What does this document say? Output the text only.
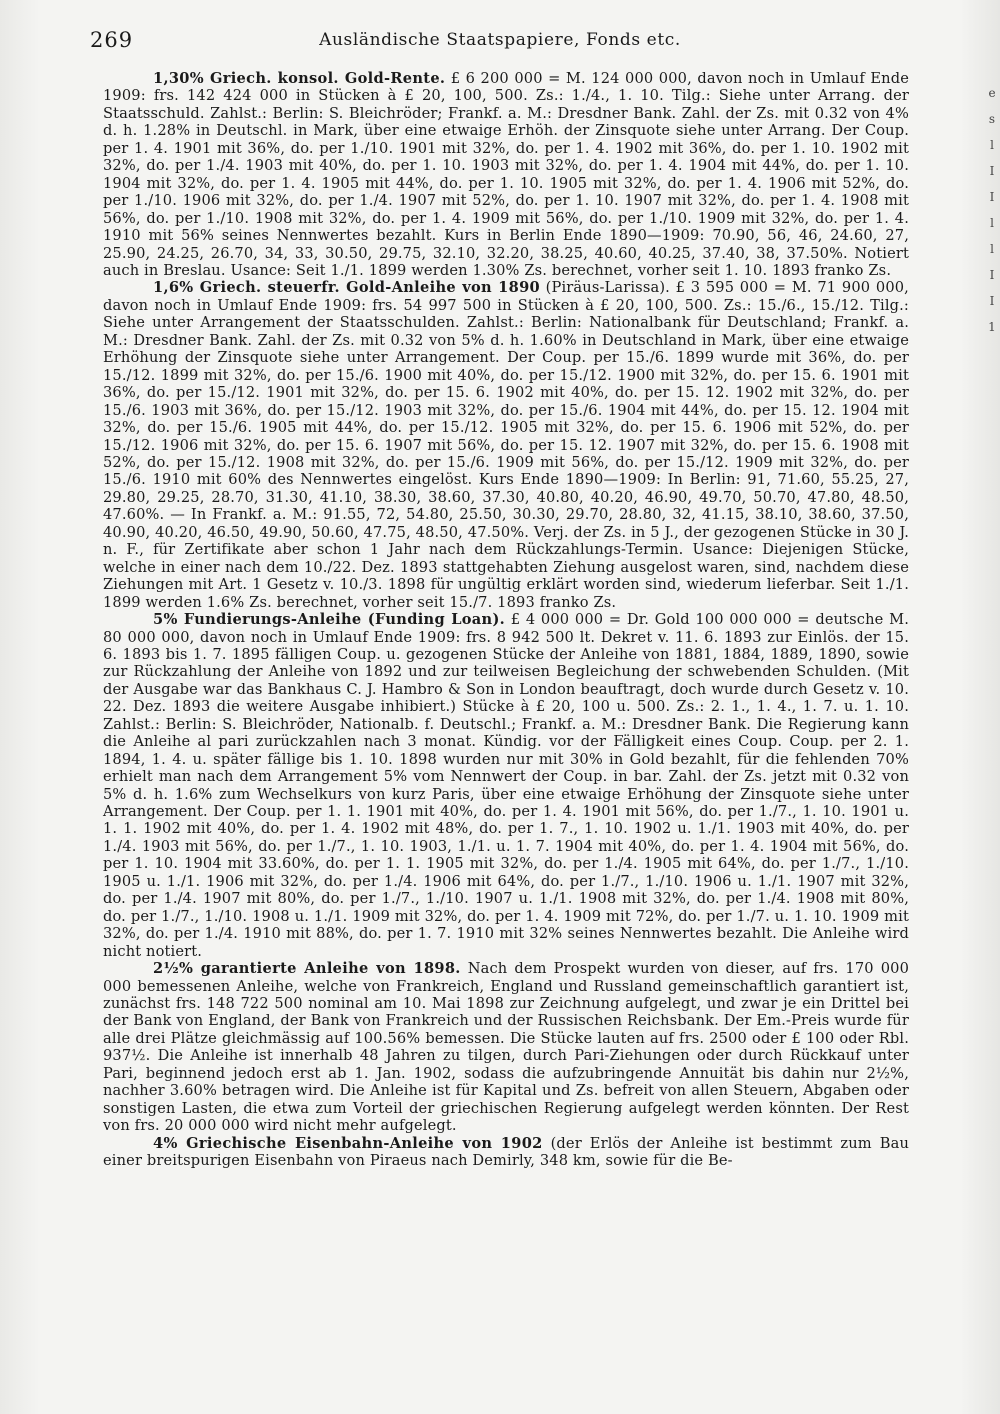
269	Ausländische Staatspapiere, Fonds etc.

1,30% Griech. konsol. Gold-Rente. £ 6 200 000 = M. 124 000 000, davon noch in Umlauf Ende 1909: frs. 142 424 000 in Stücken à £ 20, 100, 500. Zs.: 1./4., 1. 10. Tilg.: Siehe unter Arrang. der Staatsschuld. Zahlst.: Berlin: S. Bleichröder; Frankf. a. M.: Dresdner Bank. Zahl. der Zs. mit 0.32 von 4% d. h. 1.28% in Deutschl. in Mark, über eine etwaige Erhöh. der Zinsquote siehe unter Arrang. Der Coup. per 1. 4. 1901 mit 36%, do. per 1./10. 1901 mit 32%, do. per 1. 4. 1902 mit 36%, do. per 1. 10. 1902 mit 32%, do. per 1./4. 1903 mit 40%, do. per 1. 10. 1903 mit 32%, do. per 1. 4. 1904 mit 44%, do. per 1. 10. 1904 mit 32%, do. per 1. 4. 1905 mit 44%, do. per 1. 10. 1905 mit 32%, do. per 1. 4. 1906 mit 52%, do. per 1./10. 1906 mit 32%, do. per 1./4. 1907 mit 52%, do. per 1. 10. 1907 mit 32%, do. per 1. 4. 1908 mit 56%, do. per 1./10. 1908 mit 32%, do. per 1. 4. 1909 mit 56%, do. per 1./10. 1909 mit 32%, do. per 1. 4. 1910 mit 56% seines Nennwertes bezahlt. Kurs in Berlin Ende 1890—1909: 70.90, 56, 46, 24.60, 27, 25.90, 24.25, 26.70, 34, 33, 30.50, 29.75, 32.10, 32.20, 38.25, 40.60, 40.25, 37.40, 38, 37.50%. Notiert auch in Breslau. Usance: Seit 1./1. 1899 werden 1.30% Zs. berechnet, vorher seit 1. 10. 1893 franko Zs.

1,6% Griech. steuerfr. Gold-Anleihe von 1890 (Piräus-Larissa). £ 3 595 000 = M. 71 900 000, davon noch in Umlauf Ende 1909: frs. 54 997 500 in Stücken à £ 20, 100, 500. Zs.: 15./6., 15./12. Tilg.: Siehe unter Arrangement der Staatsschulden. Zahlst.: Berlin: Nationalbank für Deutschland; Frankf. a. M.: Dresdner Bank. Zahl. der Zs. mit 0.32 von 5% d. h. 1.60% in Deutschland in Mark, über eine etwaige Erhöhung der Zinsquote siehe unter Arrangement. Der Coup. per 15./6. 1899 wurde mit 36%, do. per 15./12. 1899 mit 32%, do. per 15./6. 1900 mit 40%, do. per 15./12. 1900 mit 32%, do. per 15. 6. 1901 mit 36%, do. per 15./12. 1901 mit 32%, do. per 15. 6. 1902 mit 40%, do. per 15. 12. 1902 mit 32%, do. per 15./6. 1903 mit 36%, do. per 15./12. 1903 mit 32%, do. per 15./6. 1904 mit 44%, do. per 15. 12. 1904 mit 32%, do. per 15./6. 1905 mit 44%, do. per 15./12. 1905 mit 32%, do. per 15. 6. 1906 mit 52%, do. per 15./12. 1906 mit 32%, do. per 15. 6. 1907 mit 56%, do. per 15. 12. 1907 mit 32%, do. per 15. 6. 1908 mit 52%, do. per 15./12. 1908 mit 32%, do. per 15./6. 1909 mit 56%, do. per 15./12. 1909 mit 32%, do. per 15./6. 1910 mit 60% des Nennwertes eingelöst. Kurs Ende 1890—1909: In Berlin: 91, 71.60, 55.25, 27, 29.80, 29.25, 28.70, 31.30, 41.10, 38.30, 38.60, 37.30, 40.80, 40.20, 46.90, 49.70, 50.70, 47.80, 48.50, 47.60%. — In Frankf. a. M.: 91.55, 72, 54.80, 25.50, 30.30, 29.70, 28.80, 32, 41.15, 38.10, 38.60, 37.50, 40.90, 40.20, 46.50, 49.90, 50.60, 47.75, 48.50, 47.50%. Verj. der Zs. in 5 J., der gezogenen Stücke in 30 J. n. F., für Zertifikate aber schon 1 Jahr nach dem Rückzahlungs-Termin. Usance: Diejenigen Stücke, welche in einer nach dem 10./22. Dez. 1893 stattgehabten Ziehung ausgelost waren, sind, nachdem diese Ziehungen mit Art. 1 Gesetz v. 10./3. 1898 für ungültig erklärt worden sind, wiederum lieferbar. Seit 1./1. 1899 werden 1.6% Zs. berechnet, vorher seit 15./7. 1893 franko Zs.

5% Fundierungs-Anleihe (Funding Loan). £ 4 000 000 = Dr. Gold 100 000 000 = deutsche M. 80 000 000, davon noch in Umlauf Ende 1909: frs. 8 942 500 lt. Dekret v. 11. 6. 1893 zur Einlös. der 15. 6. 1893 bis 1. 7. 1895 fälligen Coup. u. gezogenen Stücke der Anleihe von 1881, 1884, 1889, 1890, sowie zur Rückzahlung der Anleihe von 1892 und zur teilweisen Begleichung der schwebenden Schulden. (Mit der Ausgabe war das Bankhaus C. J. Hambro & Son in London beauftragt, doch wurde durch Gesetz v. 10. 22. Dez. 1893 die weitere Ausgabe inhibiert.) Stücke à £ 20, 100 u. 500. Zs.: 2. 1., 1. 4., 1. 7. u. 1. 10. Zahlst.: Berlin: S. Bleichröder, Nationalb. f. Deutschl.; Frankf. a. M.: Dresdner Bank. Die Regierung kann die Anleihe al pari zurückzahlen nach 3 monat. Kündig. vor der Fälligkeit eines Coup. Coup. per 2. 1. 1894, 1. 4. u. später fällige bis 1. 10. 1898 wurden nur mit 30% in Gold bezahlt, für die fehlenden 70% erhielt man nach dem Arrangement 5% vom Nennwert der Coup. in bar. Zahl. der Zs. jetzt mit 0.32 von 5% d. h. 1.6% zum Wechselkurs von kurz Paris, über eine etwaige Erhöhung der Zinsquote siehe unter Arrangement. Der Coup. per 1. 1. 1901 mit 40%, do. per 1. 4. 1901 mit 56%, do. per 1./7., 1. 10. 1901 u. 1. 1. 1902 mit 40%, do. per 1. 4. 1902 mit 48%, do. per 1. 7., 1. 10. 1902 u. 1./1. 1903 mit 40%, do. per 1./4. 1903 mit 56%, do. per 1./7., 1. 10. 1903, 1./1. u. 1. 7. 1904 mit 40%, do. per 1. 4. 1904 mit 56%, do. per 1. 10. 1904 mit 33.60%, do. per 1. 1. 1905 mit 32%, do. per 1./4. 1905 mit 64%, do. per 1./7., 1./10. 1905 u. 1./1. 1906 mit 32%, do. per 1./4. 1906 mit 64%, do. per 1./7., 1./10. 1906 u. 1./1. 1907 mit 32%, do. per 1./4. 1907 mit 80%, do. per 1./7., 1./10. 1907 u. 1./1. 1908 mit 32%, do. per 1./4. 1908 mit 80%, do. per 1./7., 1./10. 1908 u. 1./1. 1909 mit 32%, do. per 1. 4. 1909 mit 72%, do. per 1./7. u. 1. 10. 1909 mit 32%, do. per 1./4. 1910 mit 88%, do. per 1. 7. 1910 mit 32% seines Nennwertes bezahlt. Die Anleihe wird nicht notiert.

2½% garantierte Anleihe von 1898. Nach dem Prospekt wurden von dieser, auf frs. 170 000 000 bemessenen Anleihe, welche von Frankreich, England und Russland gemeinschaftlich garantiert ist, zunächst frs. 148 722 500 nominal am 10. Mai 1898 zur Zeichnung aufgelegt, und zwar je ein Drittel bei der Bank von England, der Bank von Frankreich und der Russischen Reichsbank. Der Em.-Preis wurde für alle drei Plätze gleichmässig auf 100.56% bemessen. Die Stücke lauten auf frs. 2500 oder £ 100 oder Rbl. 937½. Die Anleihe ist innerhalb 48 Jahren zu tilgen, durch Pari-Ziehungen oder durch Rückkauf unter Pari, beginnend jedoch erst ab 1. Jan. 1902, sodass die aufzubringende Annuität bis dahin nur 2½%, nachher 3.60% betragen wird. Die Anleihe ist für Kapital und Zs. befreit von allen Steuern, Abgaben oder sonstigen Lasten, die etwa zum Vorteil der griechischen Regierung aufgelegt werden könnten. Der Rest von frs. 20 000 000 wird nicht mehr aufgelegt.

4% Griechische Eisenbahn-Anleihe von 1902 (der Erlös der Anleihe ist bestimmt zum Bau einer breitspurigen Eisenbahn von Piraeus nach Demirly, 348 km, sowie für die Be-

e
s
l
I
I
l
l
I
I
1
